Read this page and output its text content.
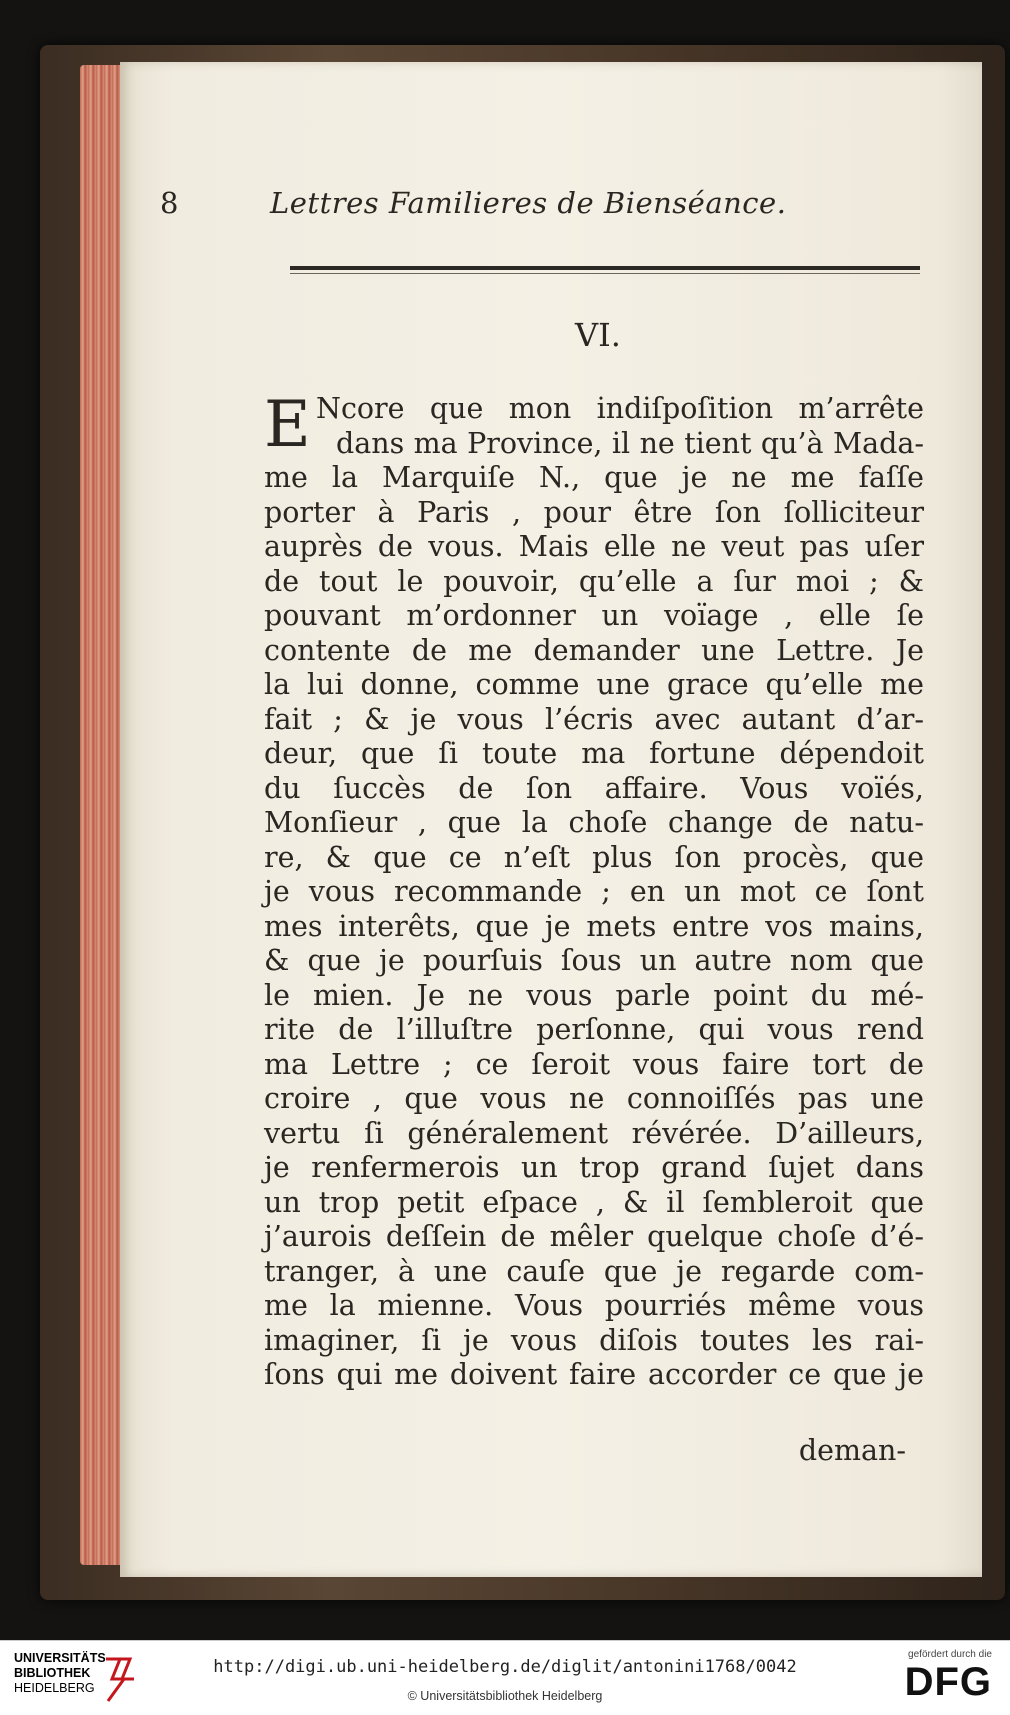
8	Lettres Familieres de Bienséance.
VI.
E Ncore que mon indiſpoſition m’arrête
dans ma Province, il ne tient qu’à Mada-
me la Marquiſe N., que je ne me faſſe
porter à Paris , pour être ſon ſolliciteur
auprès de vous. Mais elle ne veut pas uſer
de tout le pouvoir, qu’elle a ſur moi ; &
pouvant m’ordonner un voïage , elle ſe
contente de me demander une Lettre. Je
la lui donne, comme une grace qu’elle me
fait ; & je vous l’écris avec autant d’ar-
deur, que ſi toute ma fortune dépendoit
du ſuccès de ſon affaire. Vous voïés,
Monſieur , que la choſe change de natu-
re, & que ce n’eſt plus ſon procès, que
je vous recommande ; en un mot ce ſont
mes interêts, que je mets entre vos mains,
& que je pourſuis ſous un autre nom que
le mien. Je ne vous parle point du mé-
rite de l’illuſtre perſonne, qui vous rend
ma Lettre ; ce ſeroit vous faire tort de
croire , que vous ne connoiſſés pas une
vertu ſi généralement révérée. D’ailleurs,
je renfermerois un trop grand ſujet dans
un trop petit eſpace , & il ſembleroit que
j’aurois deſſein de mêler quelque choſe d’é-
tranger, à une cauſe que je regarde com-
me la mienne. Vous pourriés même vous
imaginer, ſi je vous diſois toutes les rai-
ſons qui me doivent faire accorder ce que je
deman-
UNIVERSITÄTS-
BIBLIOTHEK
HEIDELBERG
http://digi.ub.uni-heidelberg.de/diglit/antonini1768/0042
© Universitätsbibliothek Heidelberg
gefördert durch die
DFG
